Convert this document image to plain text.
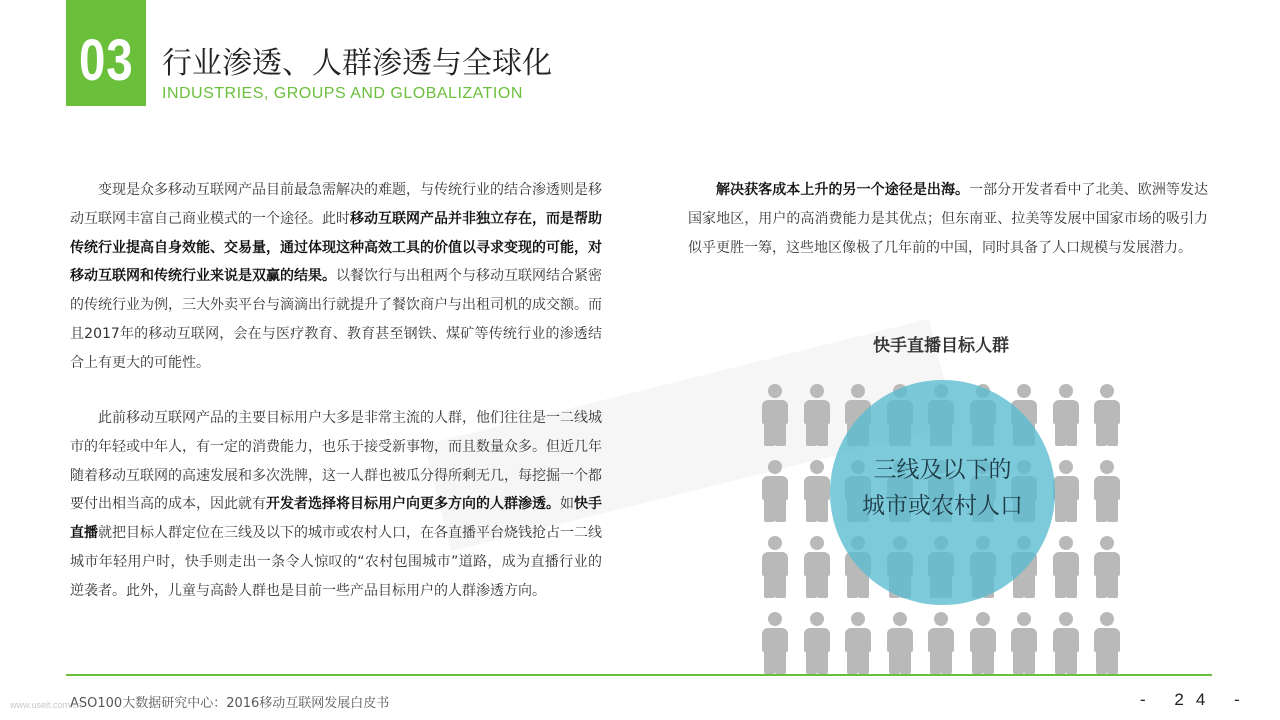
03 行业渗透、人群渗透与全球化
INDUSTRIES, GROUPS AND GLOBALIZATION
变现是众多移动互联网产品目前最急需解决的难题，与传统行业的结合渗透则是移动互联网丰富自己商业模式的一个途径。此时移动互联网产品并非独立存在，而是帮助传统行业提高自身效能、交易量，通过体现这种高效工具的价值以寻求变现的可能，对移动互联网和传统行业来说是双赢的结果。以餐饮行与出租两个与移动互联网结合紧密的传统行业为例，三大外卖平台与滴滴出行就提升了餐饮商户与出租司机的成交额。而且2017年的移动互联网，会在与医疗教育、教育甚至钢铁、煤矿等传统行业的渗透结合上有更大的可能性。
此前移动互联网产品的主要目标用户大多是非常主流的人群，他们往往是一二线城市的年轻或中年人，有一定的消费能力，也乐于接受新事物，而且数量众多。但近几年随着移动互联网的高速发展和多次洗牌，这一人群也被瓜分得所剩无几，每挖掘一个都要付出相当高的成本，因此就有开发者选择将目标用户向更多方向的人群渗透。如快手直播就把目标人群定位在三线及以下的城市或农村人口，在各直播平台烧钱抢占一二线城市年轻用户时，快手则走出一条令人惊叹的“农村包围城市”道路，成为直播行业的逆袭者。此外，儿童与高龄人群也是目前一些产品目标用户的人群渗透方向。
解决获客成本上升的另一个途径是出海。一部分开发者看中了北美、欧洲等发达国家地区，用户的高消费能力是其优点；但东南亚、拉美等发展中国家市场的吸引力似乎更胜一筹，这些地区像极了几年前的中国，同时具备了人口规模与发展潜力。
快手直播目标人群
三线及以下的
城市或农村人口
ASO100大数据研究中心：2016移动互联网发展白皮书	- 24 -
www.useit.com.cn
